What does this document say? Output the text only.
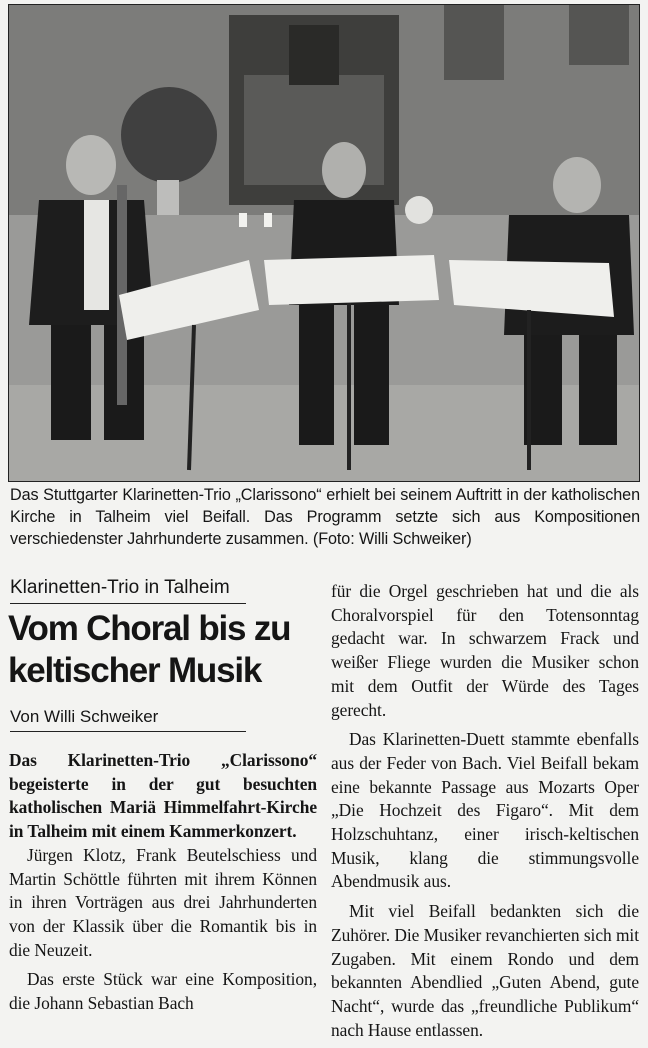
Das Stuttgarter Klarinetten-Trio „Clarissono“ erhielt bei seinem Auftritt in der katholischen Kirche in Talheim viel Beifall. Das Programm setzte sich aus Kompositionen verschiedenster Jahrhunderte zusammen. (Foto: Willi Schweiker)
Klarinetten-Trio in Talheim
Vom Choral bis zu
keltischer Musik
Von Willi Schweiker

Das Klarinetten-Trio „Clarissono“ begeisterte in der gut besuchten katholischen Mariä Himmelfahrt-Kirche in Talheim mit einem Kammerkonzert.

Jürgen Klotz, Frank Beutelschiess und Martin Schöttle führten mit ihrem Können in ihren Vorträgen aus drei Jahrhunderten von der Klassik über die Romantik bis in die Neuzeit.

Das erste Stück war eine Komposition, die Johann Sebastian Bach

für die Orgel geschrieben hat und die als Choralvorspiel für den Totensonntag gedacht war. In schwarzem Frack und weißer Fliege wurden die Musiker schon mit dem Outfit der Würde des Tages gerecht.

Das Klarinetten-Duett stammte ebenfalls aus der Feder von Bach. Viel Beifall bekam eine bekannte Passage aus Mozarts Oper „Die Hochzeit des Figaro“. Mit dem Holzschuhtanz, einer irisch-keltischen Musik, klang die stimmungsvolle Abendmusik aus.

Mit viel Beifall bedankten sich die Zuhörer. Die Musiker revanchierten sich mit Zugaben. Mit einem Rondo und dem bekannten Abendlied „Guten Abend, gute Nacht“, wurde das „freundliche Publikum“ nach Hause entlassen.
